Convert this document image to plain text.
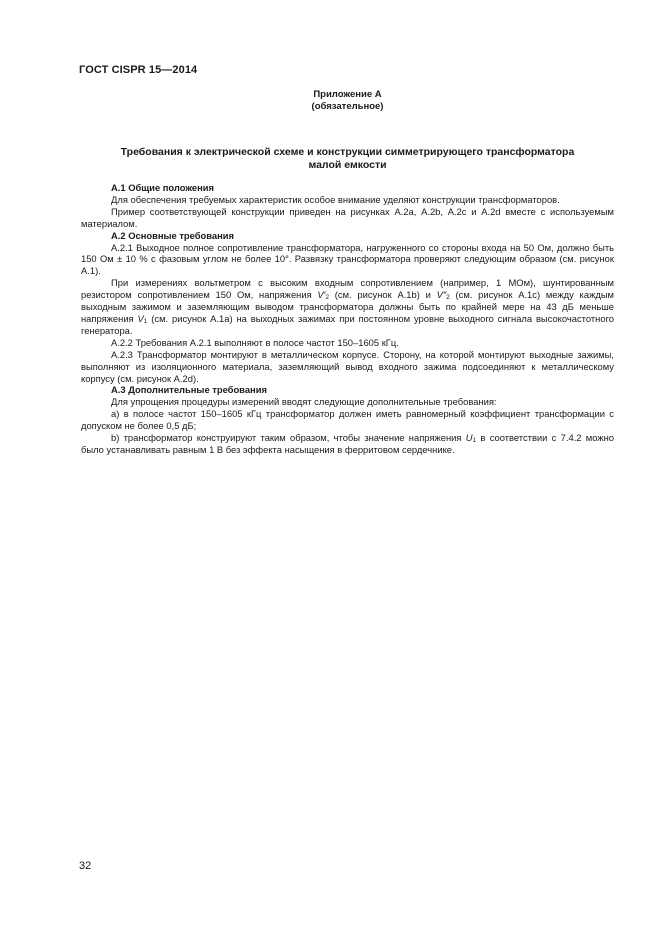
ГОСТ CISPR 15—2014
Приложение А
(обязательное)
Требования к электрической схеме и конструкции симметрирующего трансформатора
малой емкости
А.1 Общие положения

Для обеспечения требуемых характеристик особое внимание уделяют конструкции трансформаторов.

Пример соответствующей конструкции приведен на рисунках А.2а, А.2b, А.2c и А.2d вместе с используемым материалом.

А.2 Основные требования

А.2.1 Выходное полное сопротивление трансформатора, нагруженного со стороны входа на 50 Ом, должно быть 150 Ом ± 10 % с фазовым углом не более 10°. Развязку трансформатора проверяют следующим образом (см. рисунок А.1).

При измерениях вольтметром с высоким входным сопротивлением (например, 1 МОм), шунтированным резистором сопротивлением 150 Ом, напряжения $V'_2$ (см. рисунок А.1b) и $V''_2$ (см. рисунок А.1c) между каждым выходным зажимом и заземляющим выводом трансформатора должны быть по крайней мере на 43 дБ меньше напряжения $V_1$ (см. рисунок А.1а) на выходных зажимах при постоянном уровне выходного сигнала высокочастотного генератора.

А.2.2 Требования А.2.1 выполняют в полосе частот 150–1605 кГц.

А.2.3 Трансформатор монтируют в металлическом корпусе. Сторону, на которой монтируют выходные зажимы, выполняют из изоляционного материала, заземляющий вывод входного зажима подсоединяют к металлическому корпусу (см. рисунок А.2d).

А.3 Дополнительные требования

Для упрощения процедуры измерений вводят следующие дополнительные требования:

а) в полосе частот 150–1605 кГц трансформатор должен иметь равномерный коэффициент трансформации с допуском не более 0,5 дБ;

b) трансформатор конструируют таким образом, чтобы значение напряжения $U_1$ в соответствии с 7.4.2 можно было устанавливать равным 1 В без эффекта насыщения в ферритовом сердечнике.

32
